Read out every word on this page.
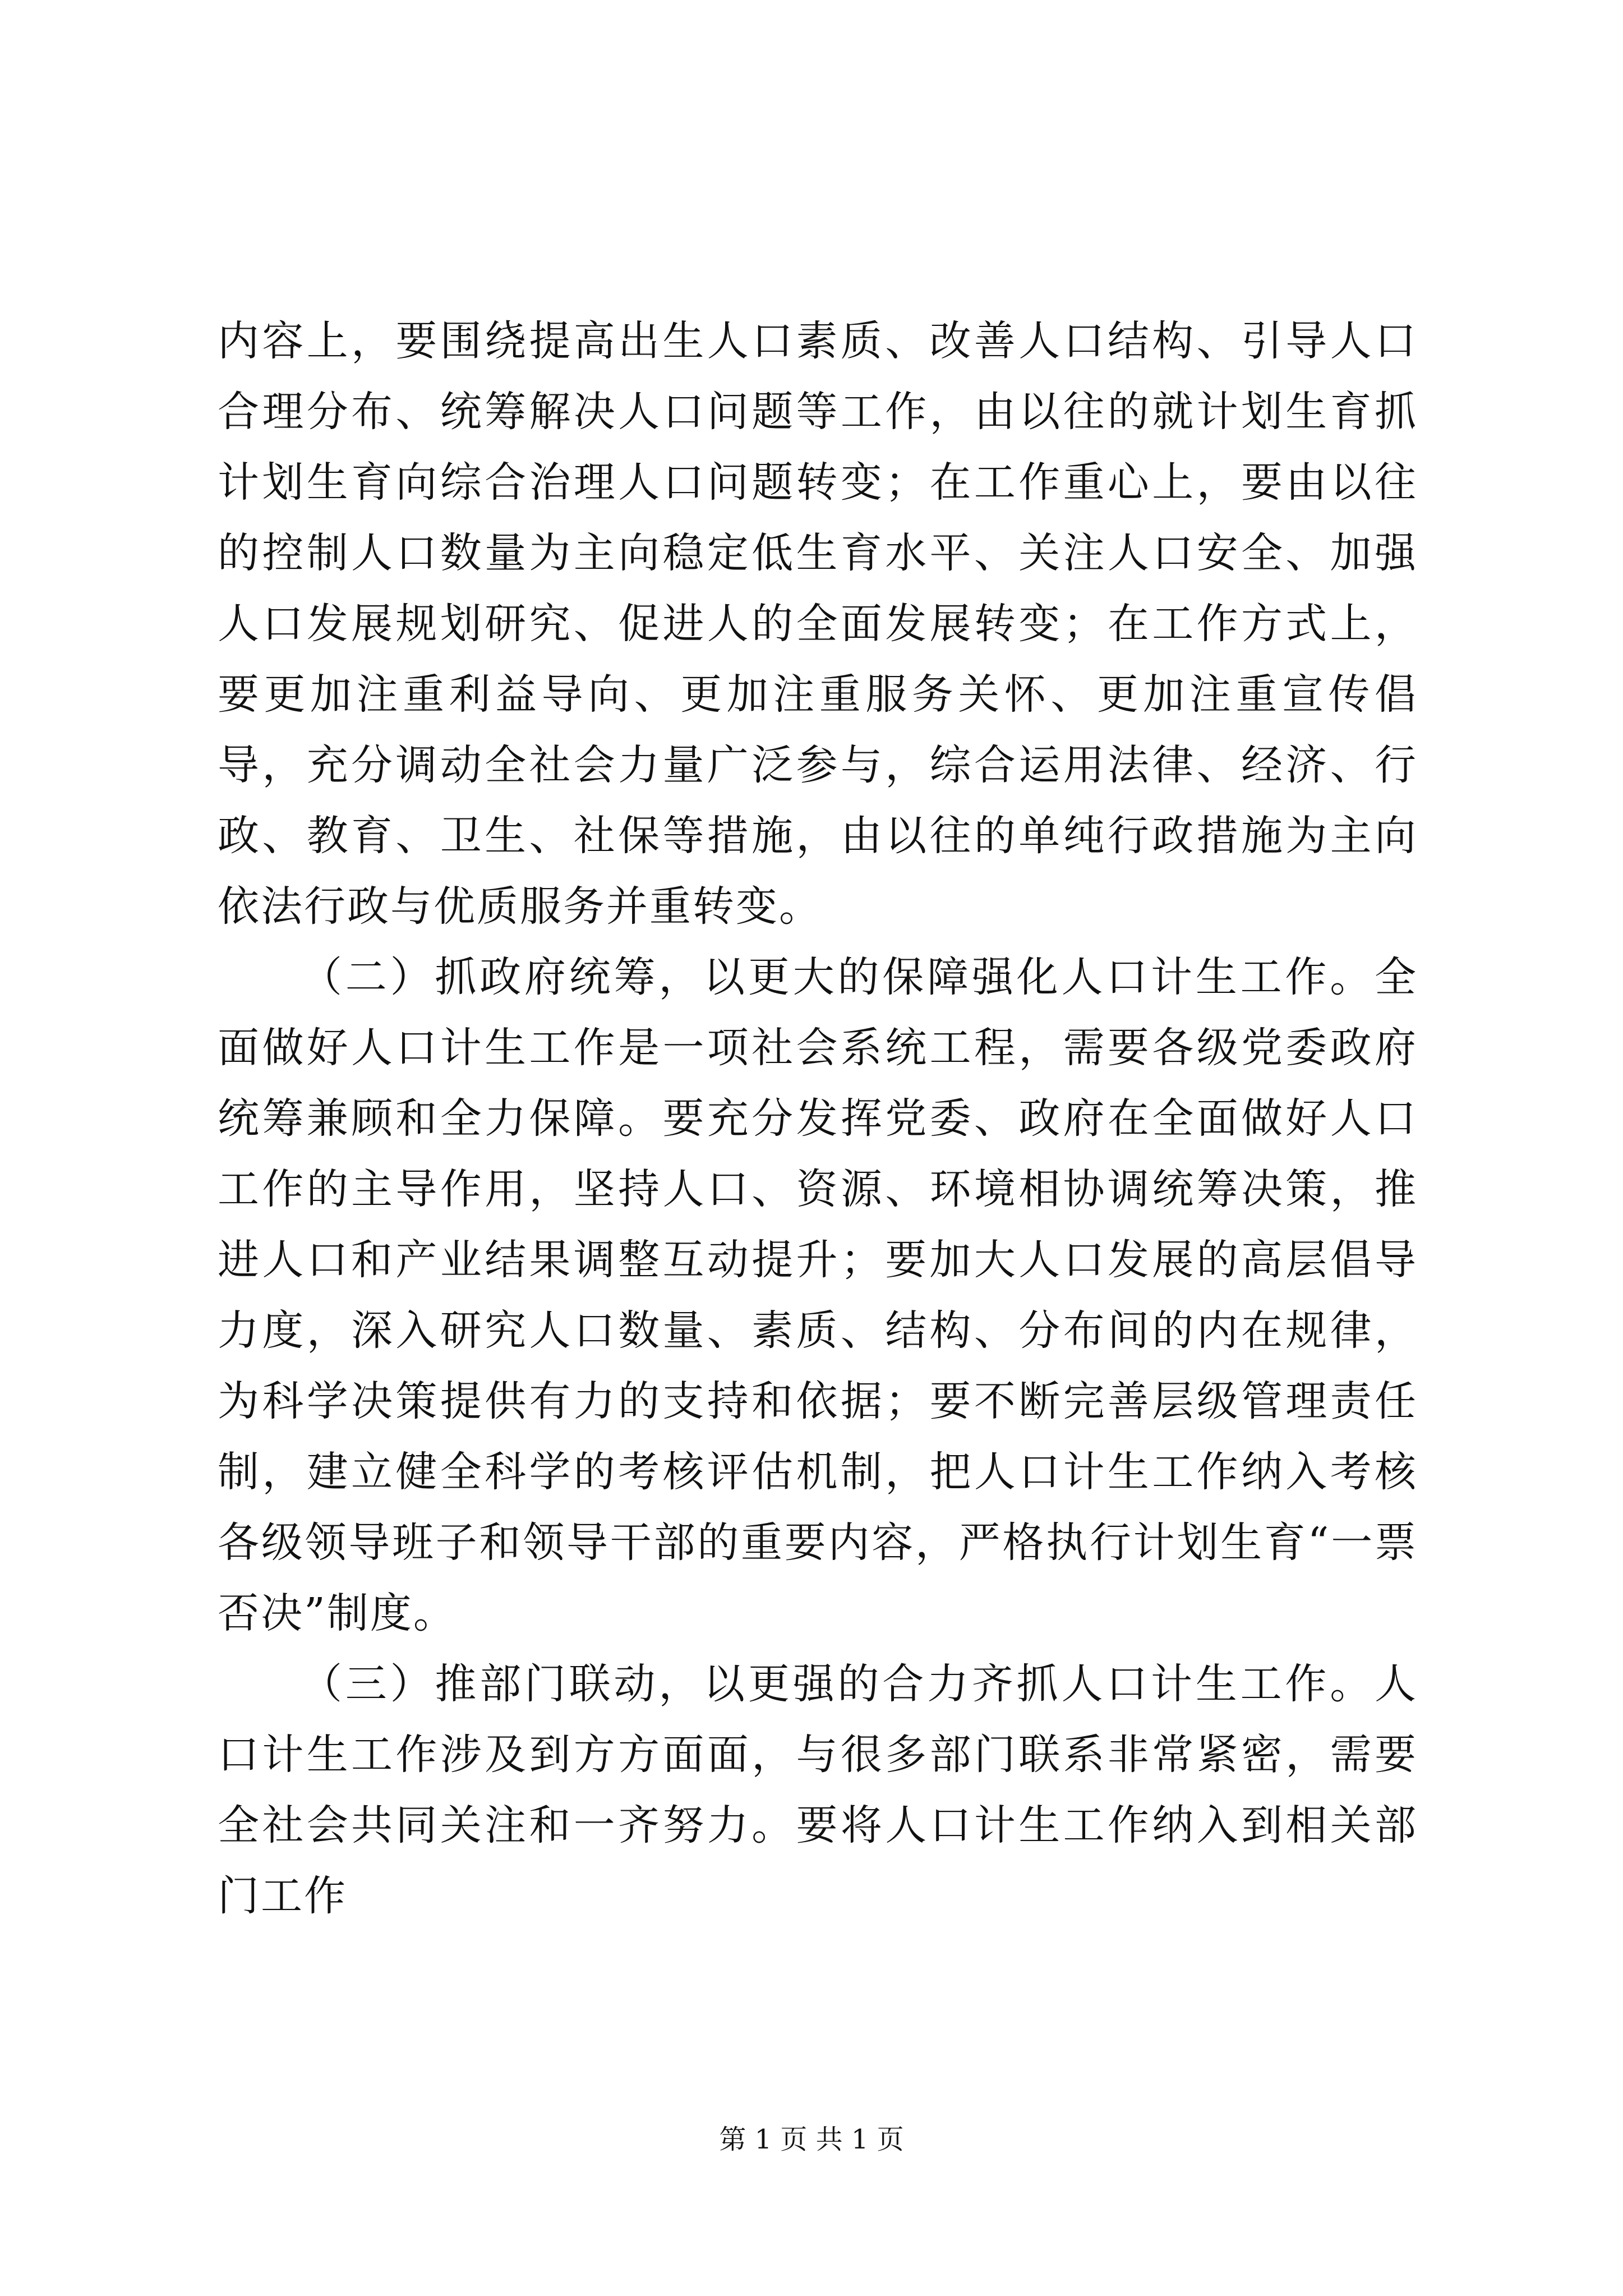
内容上，要围绕提高出生人口素质、改善人口结构、引导人口合理分布、统筹解决人口问题等工作，由以往的就计划生育抓计划生育向综合治理人口问题转变；在工作重心上，要由以往的控制人口数量为主向稳定低生育水平、关注人口安全、加强人口发展规划研究、促进人的全面发展转变；在工作方式上，要更加注重利益导向、更加注重服务关怀、更加注重宣传倡导，充分调动全社会力量广泛参与，综合运用法律、经济、行政、教育、卫生、社保等措施，由以往的单纯行政措施为主向依法行政与优质服务并重转变。

（二）抓政府统筹，以更大的保障强化人口计生工作。全面做好人口计生工作是一项社会系统工程，需要各级党委政府统筹兼顾和全力保障。要充分发挥党委、政府在全面做好人口工作的主导作用，坚持人口、资源、环境相协调统筹决策，推进人口和产业结果调整互动提升；要加大人口发展的高层倡导力度，深入研究人口数量、素质、结构、分布间的内在规律，为科学决策提供有力的支持和依据；要不断完善层级管理责任制，建立健全科学的考核评估机制，把人口计生工作纳入考核各级领导班子和领导干部的重要内容，严格执行计划生育“一票否决”制度。

（三）推部门联动，以更强的合力齐抓人口计生工作。人口计生工作涉及到方方面面，与很多部门联系非常紧密，需要全社会共同关注和一齐努力。要将人口计生工作纳入到相关部门工作

第 1 页 共 1 页
